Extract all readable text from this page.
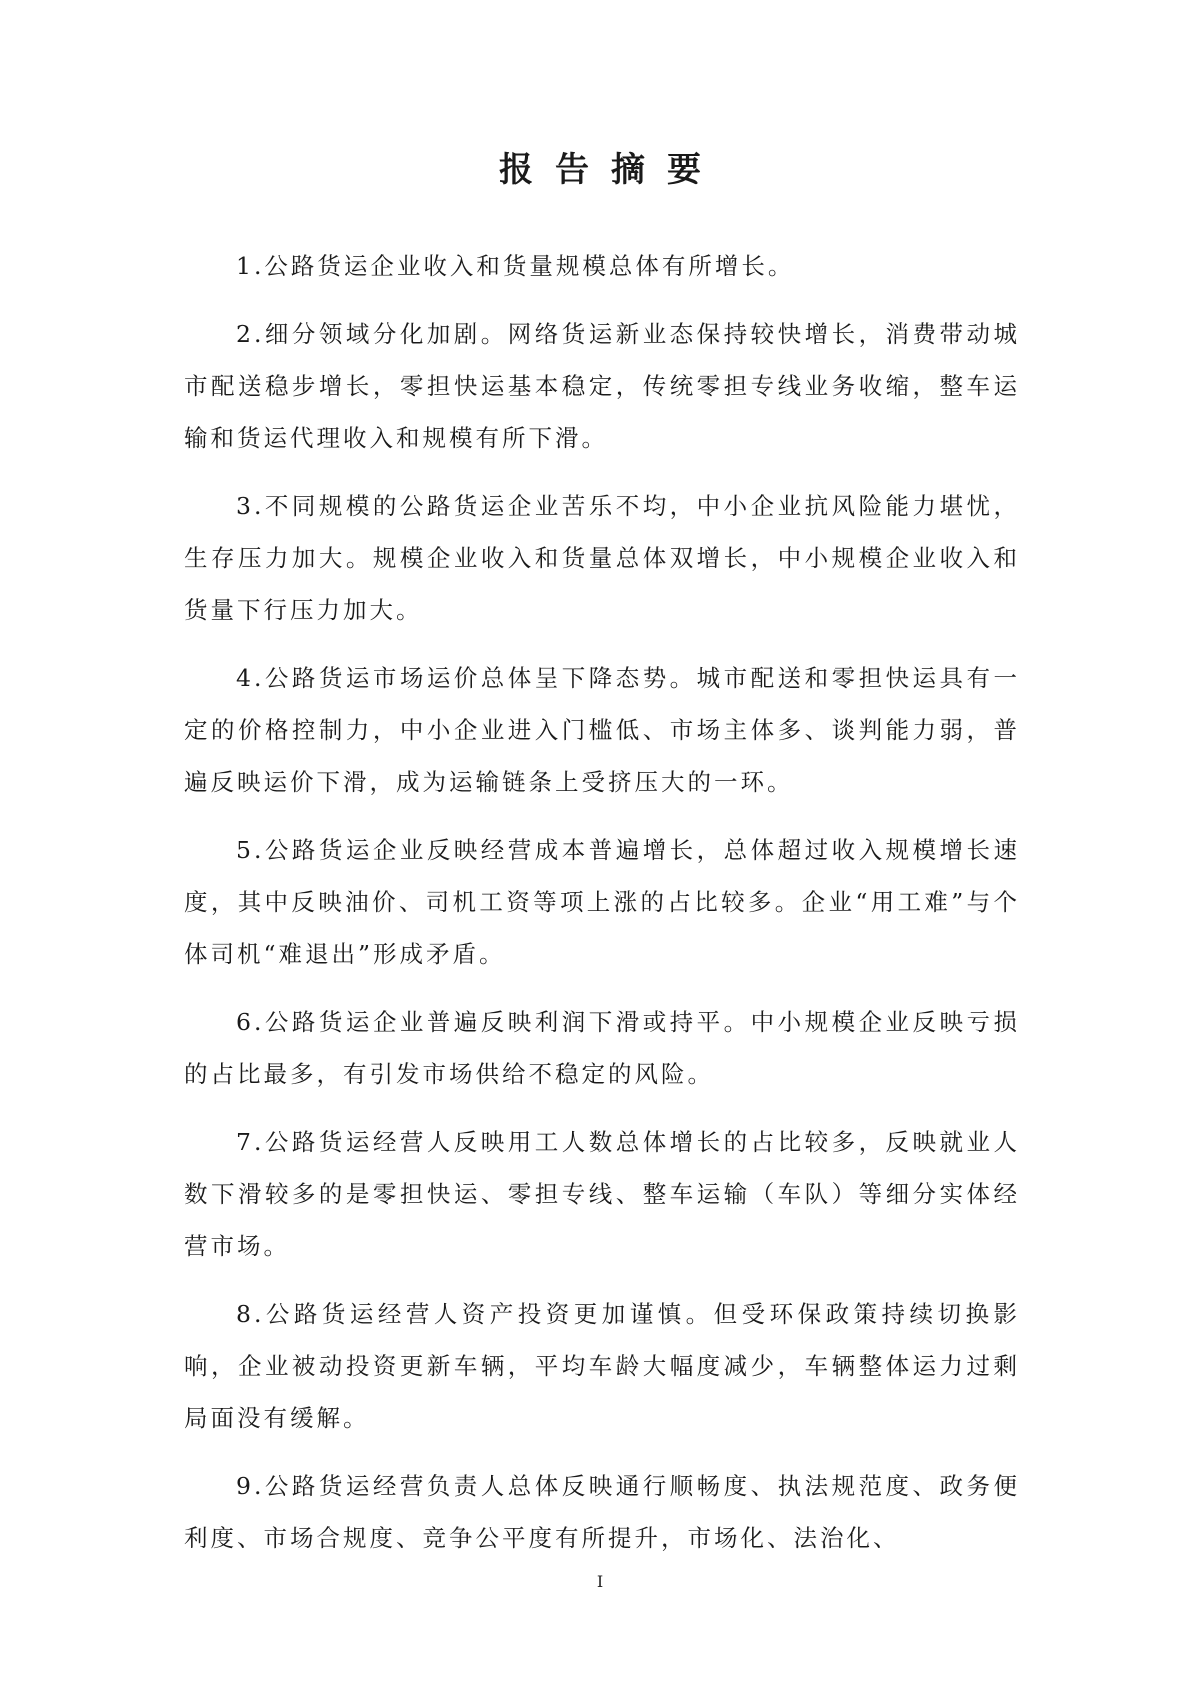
报告摘要

1.公路货运企业收入和货量规模总体有所增长。

2.细分领域分化加剧。网络货运新业态保持较快增长，消费带动城市配送稳步增长，零担快运基本稳定，传统零担专线业务收缩，整车运输和货运代理收入和规模有所下滑。

3.不同规模的公路货运企业苦乐不均，中小企业抗风险能力堪忧，生存压力加大。规模企业收入和货量总体双增长，中小规模企业收入和货量下行压力加大。

4.公路货运市场运价总体呈下降态势。城市配送和零担快运具有一定的价格控制力，中小企业进入门槛低、市场主体多、谈判能力弱，普遍反映运价下滑，成为运输链条上受挤压大的一环。

5.公路货运企业反映经营成本普遍增长，总体超过收入规模增长速度，其中反映油价、司机工资等项上涨的占比较多。企业“用工难”与个体司机“难退出”形成矛盾。

6.公路货运企业普遍反映利润下滑或持平。中小规模企业反映亏损的占比最多，有引发市场供给不稳定的风险。

7.公路货运经营人反映用工人数总体增长的占比较多，反映就业人数下滑较多的是零担快运、零担专线、整车运输（车队）等细分实体经营市场。

8.公路货运经营人资产投资更加谨慎。但受环保政策持续切换影响，企业被动投资更新车辆，平均车龄大幅度减少，车辆整体运力过剩局面没有缓解。

9.公路货运经营负责人总体反映通行顺畅度、执法规范度、政务便利度、市场合规度、竞争公平度有所提升，市场化、法治化、

I
